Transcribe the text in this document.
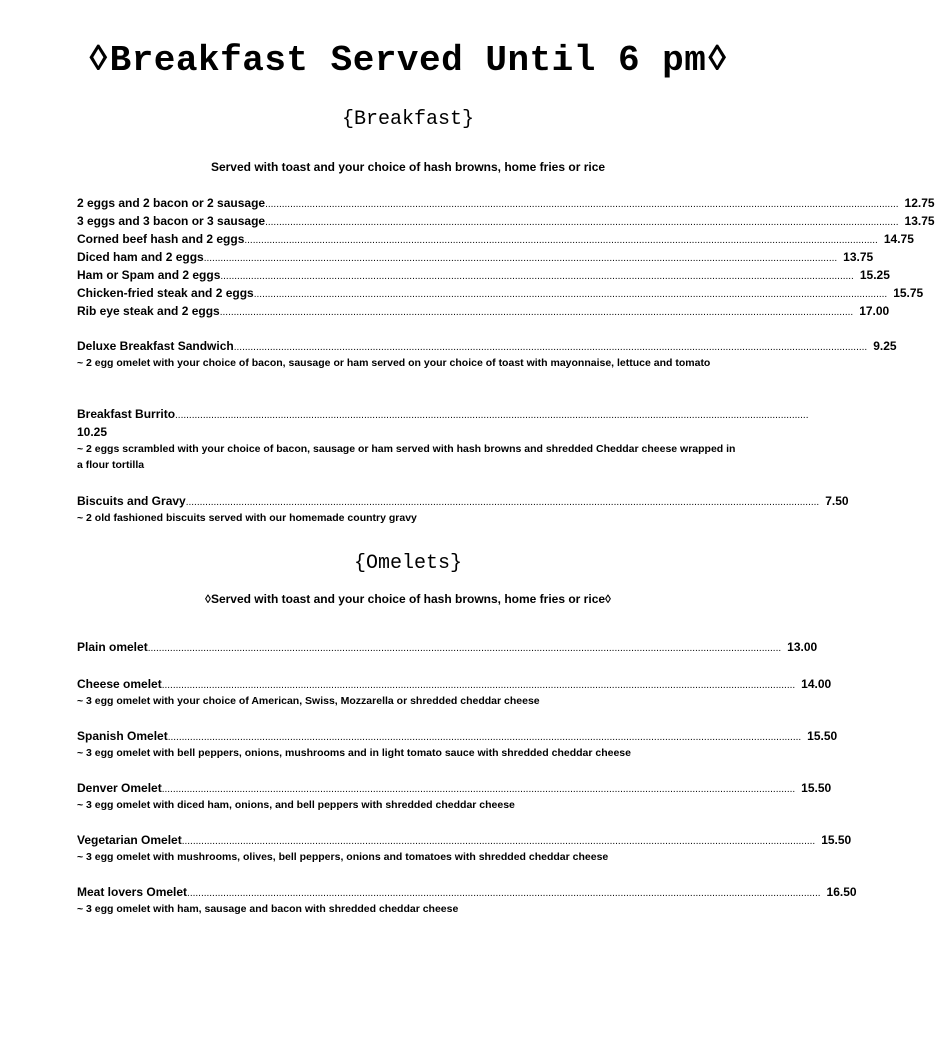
◊Breakfast Served Until 6 pm◊
{Breakfast}
Served with toast and your choice of hash browns, home fries or rice
2 eggs and 2 bacon or 2 sausage .................................................................................................................................................................................................................................... 12.75
3 eggs and 3 bacon or 3 sausage .................................................................................................................................................................................................................................... 13.75
Corned beef hash and 2 eggs .................................................................................................................................................................................................................................... 14.75
Diced ham and 2 eggs .................................................................................................................................................................................................................................... 13.75
Ham or Spam and 2 eggs .................................................................................................................................................................................................................................... 15.25
Chicken-fried steak and 2 eggs .................................................................................................................................................................................................................................... 15.75
Rib eye steak and 2 eggs .................................................................................................................................................................................................................................... 17.00
Deluxe Breakfast Sandwich .................................................................................................................................................................................................................................... 9.25
~ 2 egg omelet with your choice of bacon, sausage or ham served on your choice of toast with mayonnaise, lettuce and tomato
Breakfast Burrito ....................................................................................................................................................................................................................................
10.25
~ 2 eggs scrambled with your choice of bacon, sausage or ham served with hash browns and shredded Cheddar cheese wrapped in a flour tortilla
Biscuits and Gravy .................................................................................................................................................................................................................................... 7.50
~ 2 old fashioned biscuits served with our homemade country gravy
{Omelets}
◊Served with toast and your choice of hash browns, home fries or rice◊
Plain omelet .................................................................................................................................................................................................................................... 13.00
Cheese omelet .................................................................................................................................................................................................................................... 14.00
~ 3 egg omelet with your choice of American, Swiss, Mozzarella or shredded cheddar cheese
Spanish Omelet .................................................................................................................................................................................................................................... 15.50
~ 3 egg omelet with bell peppers, onions, mushrooms and in light tomato sauce with shredded cheddar cheese
Denver Omelet .................................................................................................................................................................................................................................... 15.50
~ 3 egg omelet with diced ham, onions, and bell peppers with shredded cheddar cheese
Vegetarian Omelet .................................................................................................................................................................................................................................... 15.50
~ 3 egg omelet with mushrooms, olives, bell peppers, onions and tomatoes with shredded cheddar cheese
Meat lovers Omelet .................................................................................................................................................................................................................................... 16.50
~ 3 egg omelet with ham, sausage and bacon with shredded cheddar cheese
